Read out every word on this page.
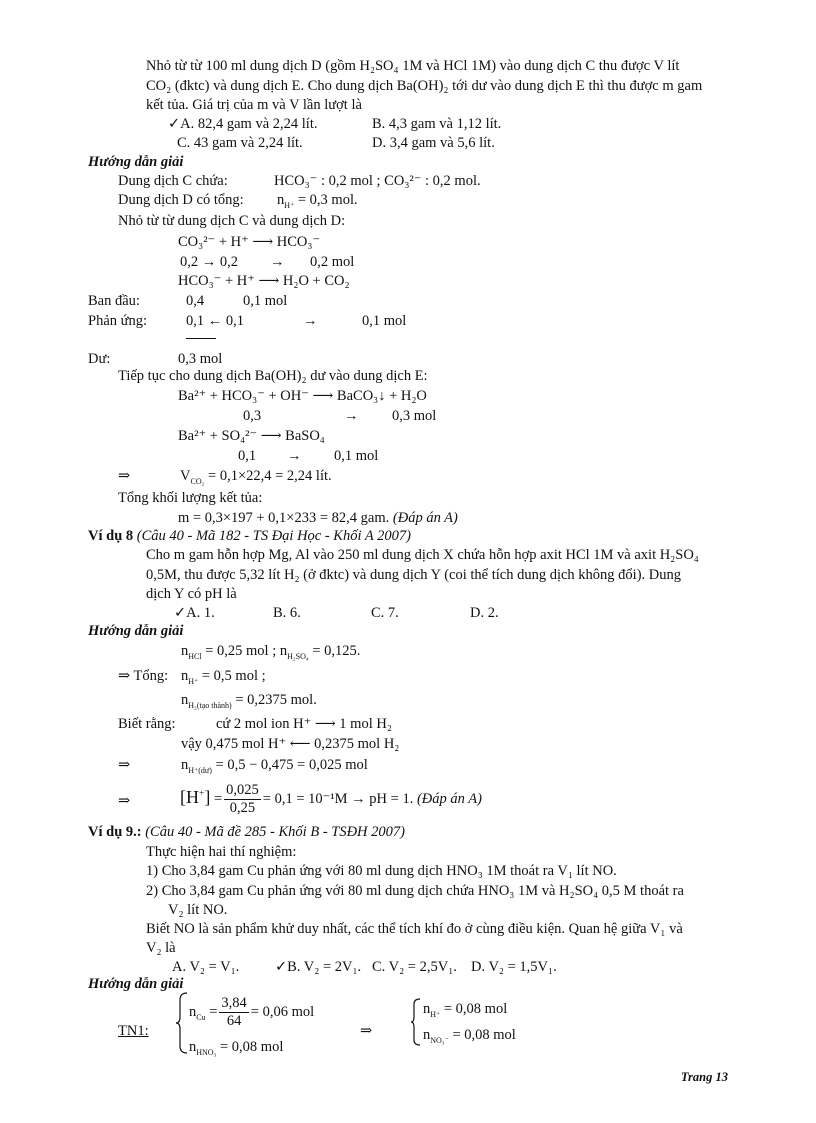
Nhỏ từ từ 100 ml dung dịch D (gồm H₂SO₄ 1M và HCl 1M) vào dung dịch C thu được V lít
CO₂ (đktc) và dung dịch E. Cho dung dịch Ba(OH)₂ tới dư vào dung dịch E thì thu được m gam
kết tủa. Giá trị của m và V lần lượt là
✓A. 82,4 gam và 2,24 lít.	B. 4,3 gam và 1,12 lít.
C. 43 gam và 2,24 lít.	D. 3,4 gam và 5,6 lít.
Hướng dẫn giải
Dung dịch C chứa:	HCO₃⁻ : 0,2 mol ; CO₃²⁻ : 0,2 mol.
Dung dịch D có tổng: $n_{H^+} = 0,3$ mol.
Nhỏ từ từ dung dịch C và dung dịch D:
CO₃²⁻ + H⁺ ⟶ HCO₃⁻
0,2 → 0,2 → 0,2 mol
HCO₃⁻ + H⁺ ⟶ H₂O + CO₂
Ban đầu:	0,4	0,1 mol
Phản ứng:	0,1 ← 0,1	→	0,1 mol
Dư:	0,3 mol
Tiếp tục cho dung dịch Ba(OH)₂ dư vào dung dịch E:
Ba²⁺ + HCO₃⁻ + OH⁻ ⟶ BaCO₃↓ + H₂O
0,3	→ 0,3 mol
Ba²⁺ + SO₄²⁻ ⟶ BaSO₄
0,1 → 0,1 mol
⇒	$V_{CO_2} = 0,1\times 22,4 = 2,24$ lít.
Tổng khối lượng kết tủa:
m = 0,3×197 + 0,1×233 = 82,4 gam. (Đáp án A)
Ví dụ 8 (Câu 40 - Mã 182 - TS Đại Học - Khối A 2007)
Cho m gam hỗn hợp Mg, Al vào 250 ml dung dịch X chứa hỗn hợp axit HCl 1M và axit H₂SO₄
0,5M, thu được 5,32 lít H₂ (ở đktc) và dung dịch Y (coi thể tích dung dịch không đổi). Dung
dịch Y có pH là
✓A. 1.	B. 6.	C. 7.	D. 2.
Hướng dẫn giải
$n_{HCl} = 0,25$ mol ; $n_{H_2SO_4} = 0,125$.
⇒ Tổng: $n_{H^+} = 0,5$ mol ;
$n_{H_2(tạo thành)} = 0,2375$ mol.
Biết rằng:	cứ 2 mol ion H⁺ ⟶ 1 mol H₂
vậy 0,475 mol H⁺ ⟵ 0,2375 mol H₂
⇒	$n_{H^+(dư)} = 0,5 - 0,475 = 0,025$ mol
⇒	$[H^+] = \frac{0,025}{0,25} = 0,1 = 10^{-1}M$ → pH = 1. (Đáp án A)
Ví dụ 9.: (Câu 40 - Mã đề 285 - Khối B - TSĐH 2007)
Thực hiện hai thí nghiệm:
1) Cho 3,84 gam Cu phản ứng với 80 ml dung dịch HNO₃ 1M thoát ra V₁ lít NO.
2) Cho 3,84 gam Cu phản ứng với 80 ml dung dịch chứa HNO₃ 1M và H₂SO₄ 0,5 M thoát ra
V₂ lít NO.
Biết NO là sản phẩm khử duy nhất, các thể tích khí đo ở cùng điều kiện. Quan hệ giữa V₁ và
V₂ là
A. V₂ = V₁. ✓B. V₂ = 2V₁. C. V₂ = 2,5V₁. D. V₂ = 1,5V₁.
Hướng dẫn giải
TN1:
$n_{Cu} = \frac{3,84}{64} = 0,06$ mol
$n_{HNO_3} = 0,08$ mol
⇒
$n_{H^+} = 0,08$ mol
$n_{NO_3^-} = 0,08$ mol
Trang 13
